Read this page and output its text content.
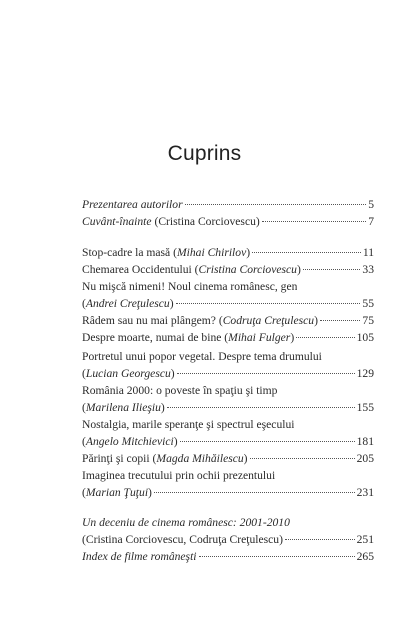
Cuprins
Prezentarea autorilor	5
Cuvânt-înainte (Cristina Corciovescu)	7
Stop-cadre la masă (Mihai Chirilov)	11
Chemarea Occidentului (Cristina Corciovescu)	33
Nu mişcă nimeni! Noul cinema românesc, gen
(Andrei Creţulescu)	55
Râdem sau nu mai plângem? (Codruţa Creţulescu)	75
Despre moarte, numai de bine (Mihai Fulger)	105
Portretul unui popor vegetal. Despre tema drumului
(Lucian Georgescu)	129
România 2000: o poveste în spaţiu şi timp
(Marilena Ilieşiu)	155
Nostalgia, marile speranţe şi spectrul eşecului
(Angelo Mitchievici)	181
Părinţi şi copii (Magda Mihăilescu)	205
Imaginea trecutului prin ochii prezentului
(Marian Ţuţui)	231
Un deceniu de cinema românesc: 2001-2010
(Cristina Corciovescu, Codruţa Creţulescu)	251
Index de filme româneşti	265
